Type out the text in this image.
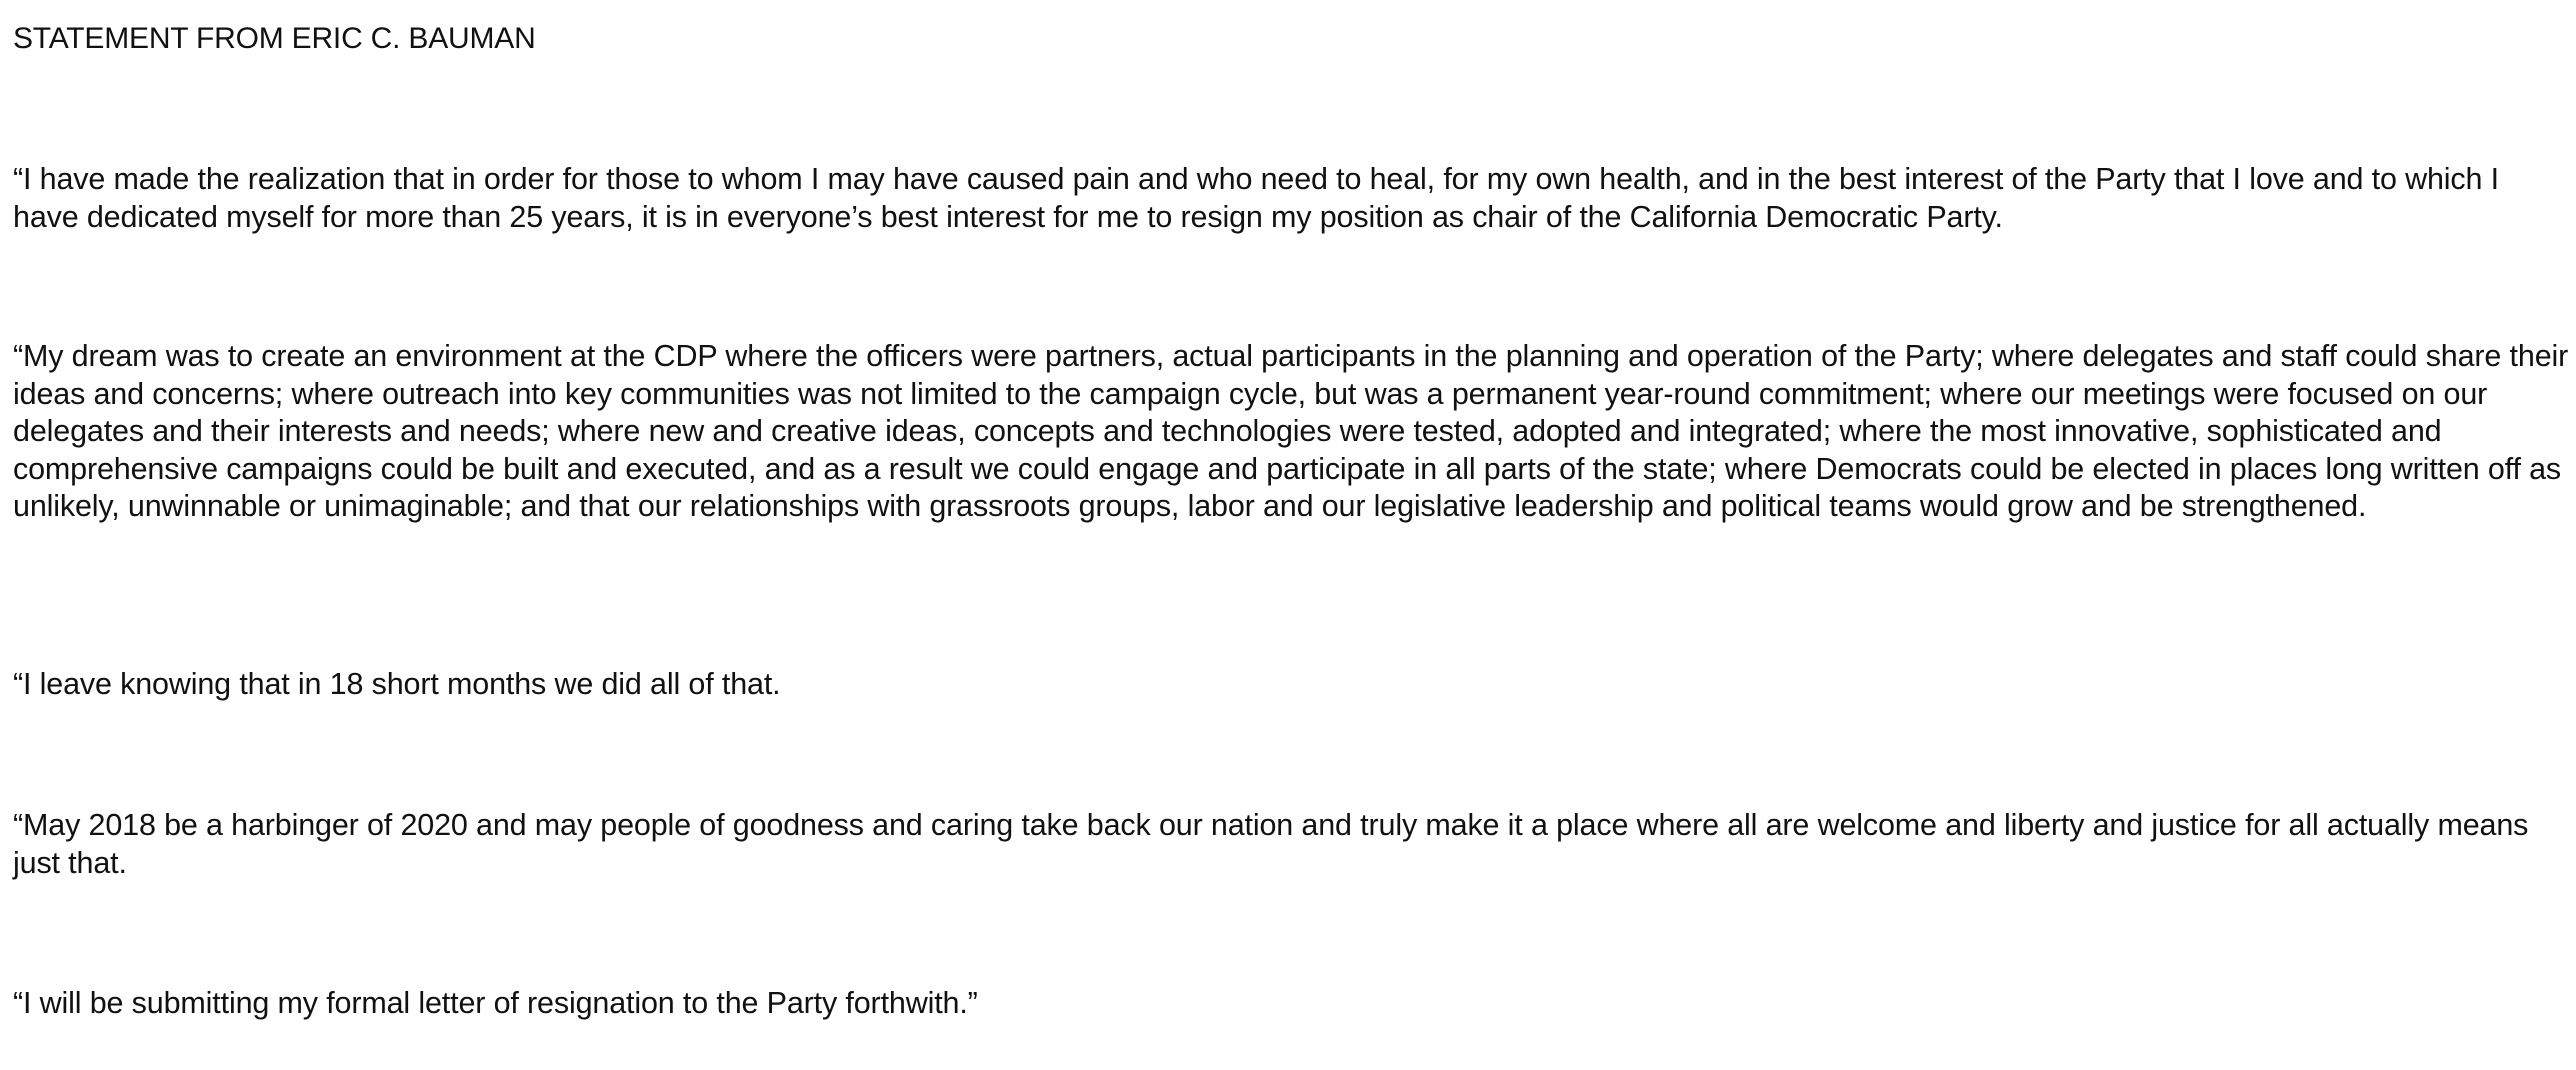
STATEMENT FROM ERIC C. BAUMAN

“I have made the realization that in order for those to whom I may have caused pain and who need to heal, for my own health, and in the best interest of the Party that I love and to which I have dedicated myself for more than 25 years, it is in everyone’s best interest for me to resign my position as chair of the California Democratic Party.

“My dream was to create an environment at the CDP where the officers were partners, actual participants in the planning and operation of the Party; where delegates and staff could share their ideas and concerns; where outreach into key communities was not limited to the campaign cycle, but was a permanent year-round commitment; where our meetings were focused on our delegates and their interests and needs; where new and creative ideas, concepts and technologies were tested, adopted and integrated; where the most innovative, sophisticated and comprehensive campaigns could be built and executed, and as a result we could engage and participate in all parts of the state; where Democrats could be elected in places long written off as unlikely, unwinnable or unimaginable; and that our relationships with grassroots groups, labor and our legislative leadership and political teams would grow and be strengthened.

“I leave knowing that in 18 short months we did all of that.

“May 2018 be a harbinger of 2020 and may people of goodness and caring take back our nation and truly make it a place where all are welcome and liberty and justice for all actually means just that.

“I will be submitting my formal letter of resignation to the Party forthwith.”
